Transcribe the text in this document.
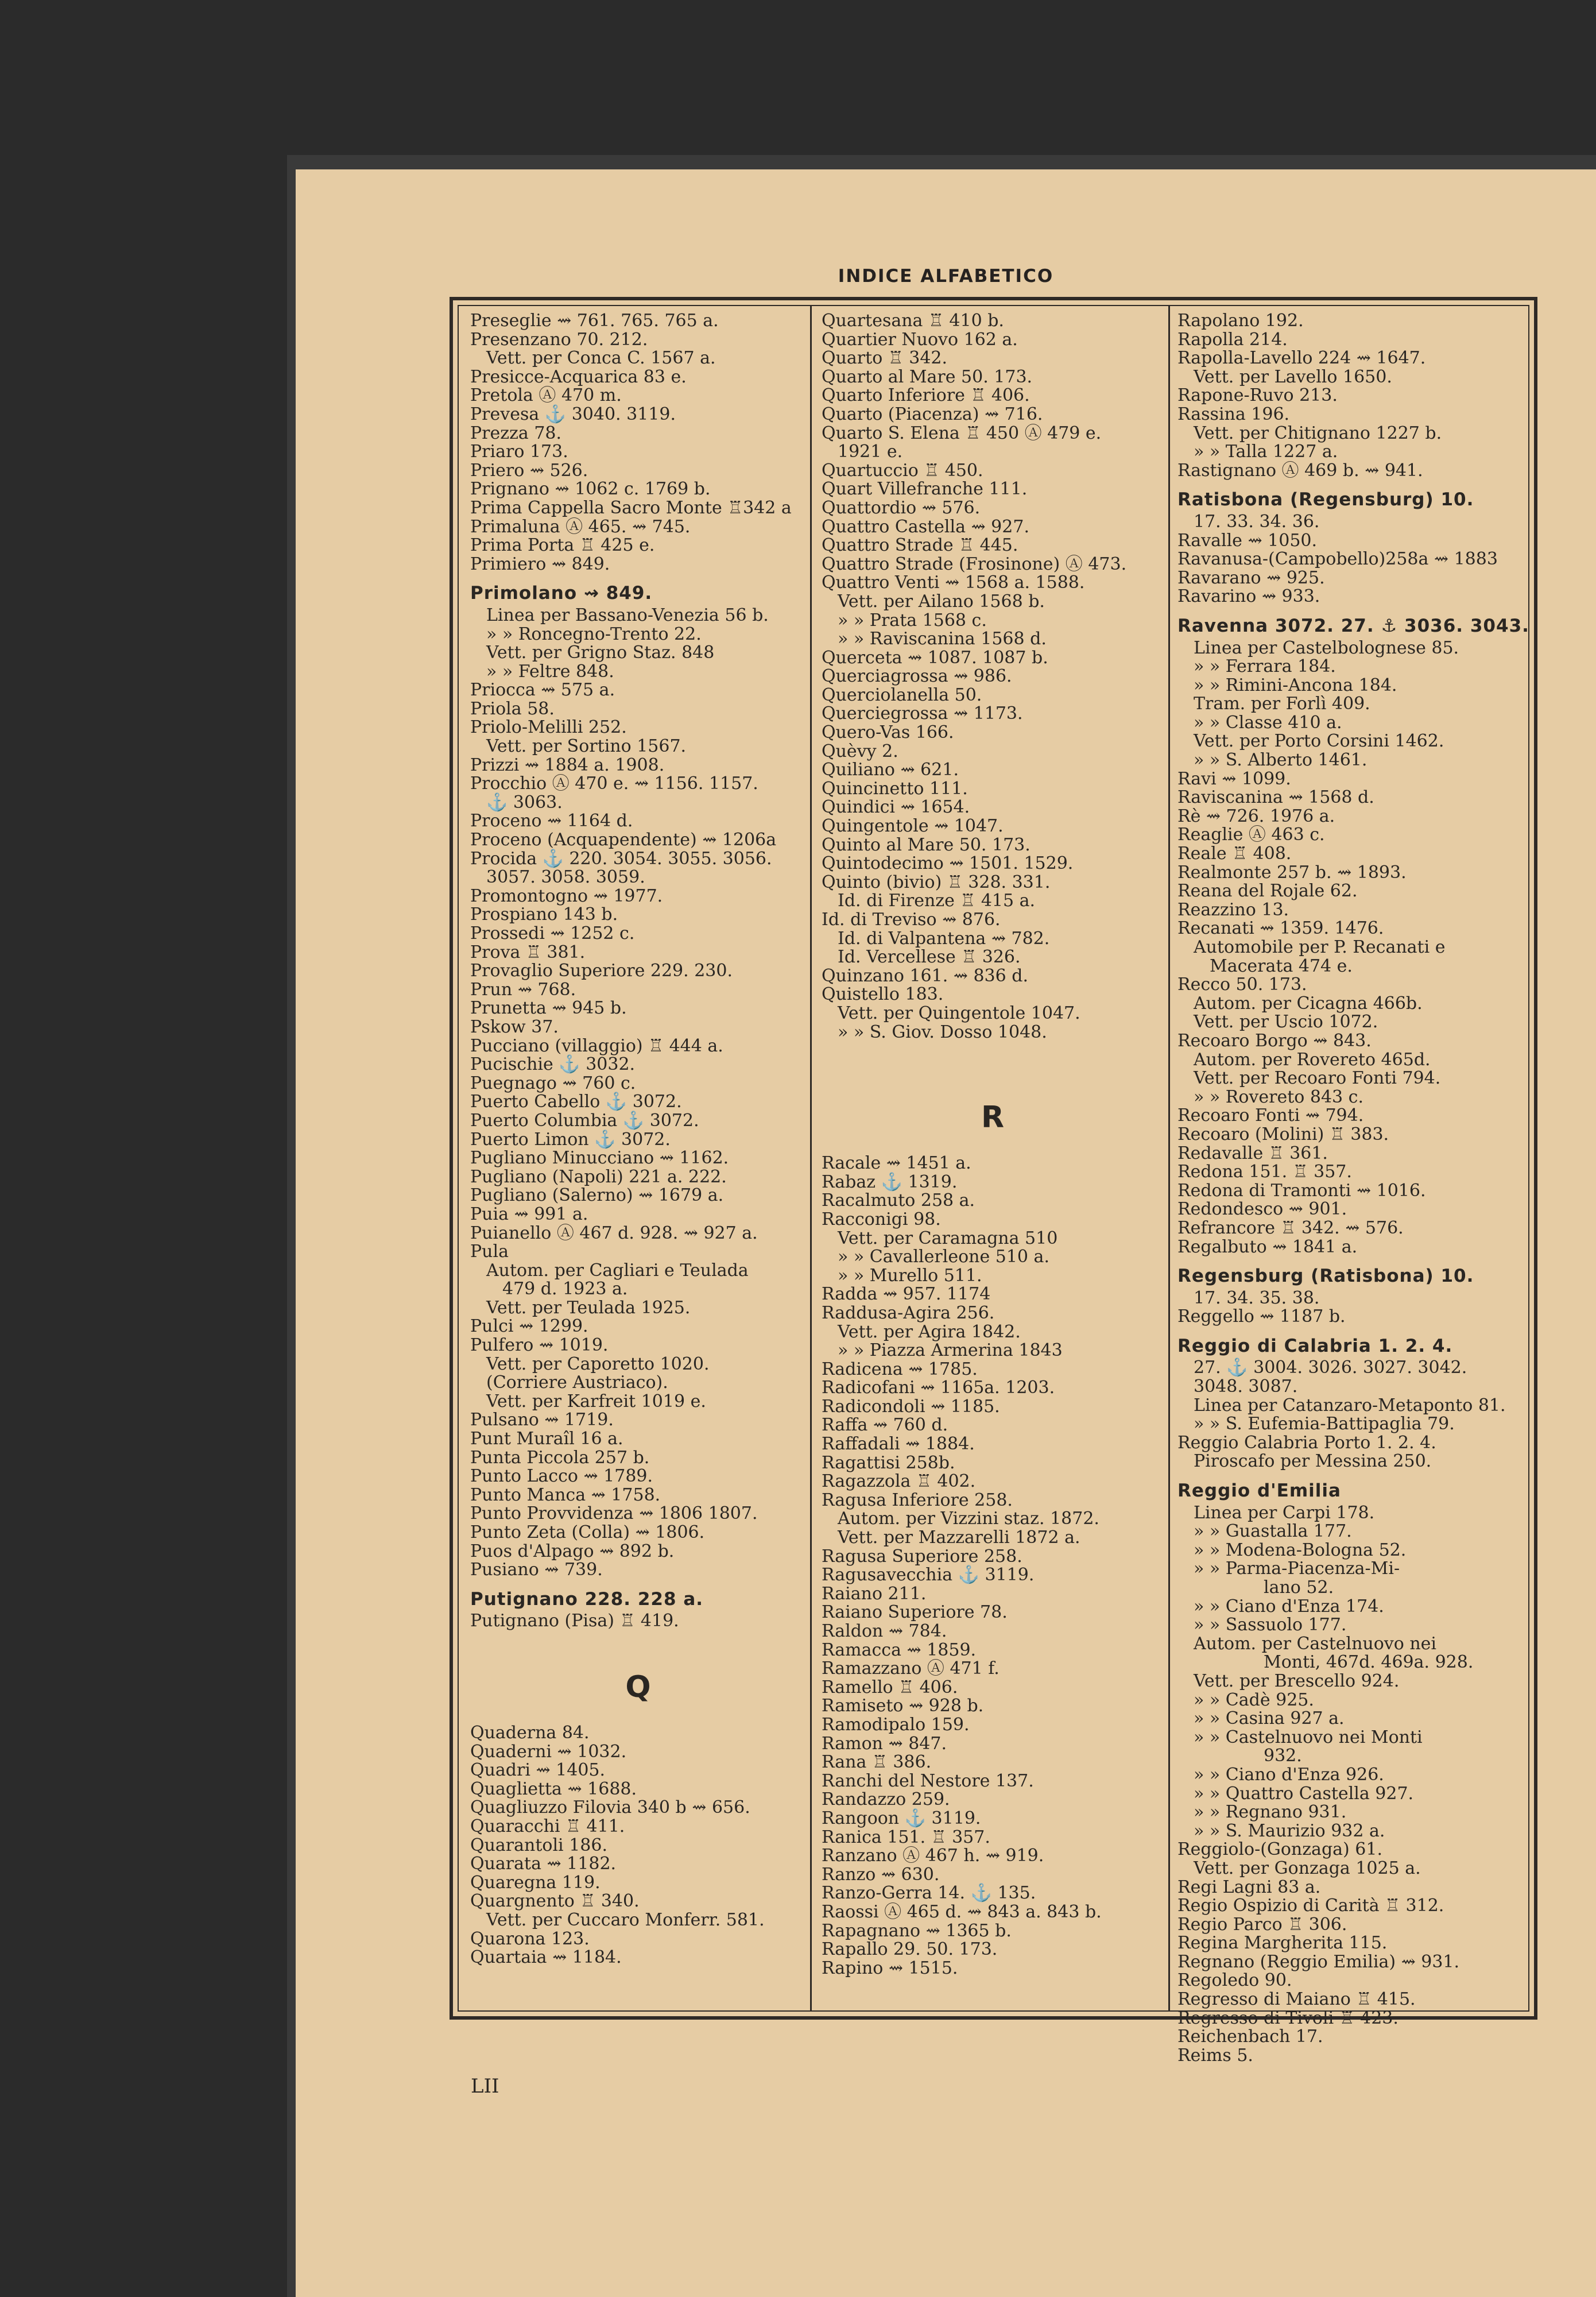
INDICE ALFABETICO
Preseglie ⇝ 761. 765. 765 a.
Presenzano 70. 212.
Vett. per Conca C. 1567 a.
Presicce-Acquarica 83 e.
Pretola Ⓐ 470 m.
Prevesa ⚓ 3040. 3119.
Prezza 78.
Priaro 173.
Priero ⇝ 526.
Prignano ⇝ 1062 c. 1769 b.
Prima Cappella Sacro Monte ♖342 a
Primaluna Ⓐ 465. ⇝ 745.
Prima Porta ♖ 425 e.
Primiero ⇝ 849.
Primolano ⇝ 849.
Linea per Bassano-Venezia 56 b.
» » Roncegno-Trento 22.
Vett. per Grigno Staz. 848
» » Feltre 848.
Priocca ⇝ 575 a.
Priola 58.
Priolo-Melilli 252.
Vett. per Sortino 1567.
Prizzi ⇝ 1884 a. 1908.
Procchio Ⓐ 470 e. ⇝ 1156. 1157.
⚓ 3063.
Proceno ⇝ 1164 d.
Proceno (Acquapendente) ⇝ 1206a
Procida ⚓ 220. 3054. 3055. 3056.
3057. 3058. 3059.
Promontogno ⇝ 1977.
Prospiano 143 b.
Prossedi ⇝ 1252 c.
Prova ♖ 381.
Provaglio Superiore 229. 230.
Prun ⇝ 768.
Prunetta ⇝ 945 b.
Pskow 37.
Pucciano (villaggio) ♖ 444 a.
Pucischie ⚓ 3032.
Puegnago ⇝ 760 c.
Puerto Cabello ⚓ 3072.
Puerto Columbia ⚓ 3072.
Puerto Limon ⚓ 3072.
Pugliano Minucciano ⇝ 1162.
Pugliano (Napoli) 221 a. 222.
Pugliano (Salerno) ⇝ 1679 a.
Puia ⇝ 991 a.
Puianello Ⓐ 467 d. 928. ⇝ 927 a.
Pula
Autom. per Cagliari e Teulada
479 d. 1923 a.
Vett. per Teulada 1925.
Pulci ⇝ 1299.
Pulfero ⇝ 1019.
Vett. per Caporetto 1020.
(Corriere Austriaco).
Vett. per Karfreit 1019 e.
Pulsano ⇝ 1719.
Punt Muraîl 16 a.
Punta Piccola 257 b.
Punto Lacco ⇝ 1789.
Punto Manca ⇝ 1758.
Punto Provvidenza ⇝ 1806 1807.
Punto Zeta (Colla) ⇝ 1806.
Puos d'Alpago ⇝ 892 b.
Pusiano ⇝ 739.
Putignano 228. 228 a.
Putignano (Pisa) ♖ 419.
Q
Quaderna 84.
Quaderni ⇝ 1032.
Quadri ⇝ 1405.
Quaglietta ⇝ 1688.
Quagliuzzo Filovia 340 b ⇝ 656.
Quaracchi ♖ 411.
Quarantoli 186.
Quarata ⇝ 1182.
Quaregna 119.
Quargnento ♖ 340.
Vett. per Cuccaro Monferr. 581.
Quarona 123.
Quartaia ⇝ 1184.
Quartesana ♖ 410 b.
Quartier Nuovo 162 a.
Quarto ♖ 342.
Quarto al Mare 50. 173.
Quarto Inferiore ♖ 406.
Quarto (Piacenza) ⇝ 716.
Quarto S. Elena ♖ 450 Ⓐ 479 e.
1921 e.
Quartuccio ♖ 450.
Quart Villefranche 111.
Quattordio ⇝ 576.
Quattro Castella ⇝ 927.
Quattro Strade ♖ 445.
Quattro Strade (Frosinone) Ⓐ 473.
Quattro Venti ⇝ 1568 a. 1588.
Vett. per Ailano 1568 b.
» » Prata 1568 c.
» » Raviscanina 1568 d.
Querceta ⇝ 1087. 1087 b.
Querciagrossa ⇝ 986.
Querciolanella 50.
Querciegrossa ⇝ 1173.
Quero-Vas 166.
Quèvy 2.
Quiliano ⇝ 621.
Quincinetto 111.
Quindici ⇝ 1654.
Quingentole ⇝ 1047.
Quinto al Mare 50. 173.
Quintodecimo ⇝ 1501. 1529.
Quinto (bivio) ♖ 328. 331.
Id. di Firenze ♖ 415 a.
Id. di Treviso ⇝ 876.
Id. di Valpantena ⇝ 782.
Id. Vercellese ♖ 326.
Quinzano 161. ⇝ 836 d.
Quistello 183.
Vett. per Quingentole 1047.
» » S. Giov. Dosso 1048.
R
Racale ⇝ 1451 a.
Rabaz ⚓ 1319.
Racalmuto 258 a.
Racconigi 98.
Vett. per Caramagna 510
» » Cavallerleone 510 a.
» » Murello 511.
Radda ⇝ 957. 1174
Raddusa-Agira 256.
Vett. per Agira 1842.
» » Piazza Armerina 1843
Radicena ⇝ 1785.
Radicofani ⇝ 1165a. 1203.
Radicondoli ⇝ 1185.
Raffa ⇝ 760 d.
Raffadali ⇝ 1884.
Ragattisi 258b.
Ragazzola ♖ 402.
Ragusa Inferiore 258.
Autom. per Vizzini staz. 1872.
Vett. per Mazzarelli 1872 a.
Ragusa Superiore 258.
Ragusavecchia ⚓ 3119.
Raiano 211.
Raiano Superiore 78.
Raldon ⇝ 784.
Ramacca ⇝ 1859.
Ramazzano Ⓐ 471 f.
Ramello ♖ 406.
Ramiseto ⇝ 928 b.
Ramodipalo 159.
Ramon ⇝ 847.
Rana ♖ 386.
Ranchi del Nestore 137.
Randazzo 259.
Rangoon ⚓ 3119.
Ranica 151. ♖ 357.
Ranzano Ⓐ 467 h. ⇝ 919.
Ranzo ⇝ 630.
Ranzo-Gerra 14. ⚓ 135.
Raossi Ⓐ 465 d. ⇝ 843 a. 843 b.
Rapagnano ⇝ 1365 b.
Rapallo 29. 50. 173.
Rapino ⇝ 1515.
Rapolano 192.
Rapolla 214.
Rapolla-Lavello 224 ⇝ 1647.
Vett. per Lavello 1650.
Rapone-Ruvo 213.
Rassina 196.
Vett. per Chitignano 1227 b.
» » Talla 1227 a.
Rastignano Ⓐ 469 b. ⇝ 941.
Ratisbona (Regensburg) 10.
17. 33. 34. 36.
Ravalle ⇝ 1050.
Ravanusa-(Campobello)258a ⇝ 1883
Ravarano ⇝ 925.
Ravarino ⇝ 933.
Ravenna 3072. 27. ⚓ 3036. 3043.
Linea per Castelbolognese 85.
» » Ferrara 184.
» » Rimini-Ancona 184.
Tram. per Forlì 409.
» » Classe 410 a.
Vett. per Porto Corsini 1462.
» » S. Alberto 1461.
Ravi ⇝ 1099.
Raviscanina ⇝ 1568 d.
Rè ⇝ 726. 1976 a.
Reaglie Ⓐ 463 c.
Reale ♖ 408.
Realmonte 257 b. ⇝ 1893.
Reana del Rojale 62.
Reazzino 13.
Recanati ⇝ 1359. 1476.
Automobile per P. Recanati e
Macerata 474 e.
Recco 50. 173.
Autom. per Cicagna 466b.
Vett. per Uscio 1072.
Recoaro Borgo ⇝ 843.
Autom. per Rovereto 465d.
Vett. per Recoaro Fonti 794.
» » Rovereto 843 c.
Recoaro Fonti ⇝ 794.
Recoaro (Molini) ♖ 383.
Redavalle ♖ 361.
Redona 151. ♖ 357.
Redona di Tramonti ⇝ 1016.
Redondesco ⇝ 901.
Refrancore ♖ 342. ⇝ 576.
Regalbuto ⇝ 1841 a.
Regensburg (Ratisbona) 10.
17. 34. 35. 38.
Reggello ⇝ 1187 b.
Reggio di Calabria 1. 2. 4.
27. ⚓ 3004. 3026. 3027. 3042.
3048. 3087.
Linea per Catanzaro-Metaponto 81.
» » S. Eufemia-Battipaglia 79.
Reggio Calabria Porto 1. 2. 4.
Piroscafo per Messina 250.
Reggio d'Emilia
Linea per Carpi 178.
» » Guastalla 177.
» » Modena-Bologna 52.
» » Parma-Piacenza-Mi-
lano 52.
» » Ciano d'Enza 174.
» » Sassuolo 177.
Autom. per Castelnuovo nei
Monti, 467d. 469a. 928.
Vett. per Brescello 924.
» » Cadè 925.
» » Casina 927 a.
» » Castelnuovo nei Monti
932.
» » Ciano d'Enza 926.
» » Quattro Castella 927.
» » Regnano 931.
» » S. Maurizio 932 a.
Reggiolo-(Gonzaga) 61.
Vett. per Gonzaga 1025 a.
Regi Lagni 83 a.
Regio Ospizio di Carità ♖ 312.
Regio Parco ♖ 306.
Regina Margherita 115.
Regnano (Reggio Emilia) ⇝ 931.
Regoledo 90.
Regresso di Maiano ♖ 415.
Regresso di Tivoli ♖ 423.
Reichenbach 17.
Reims 5.
LII
